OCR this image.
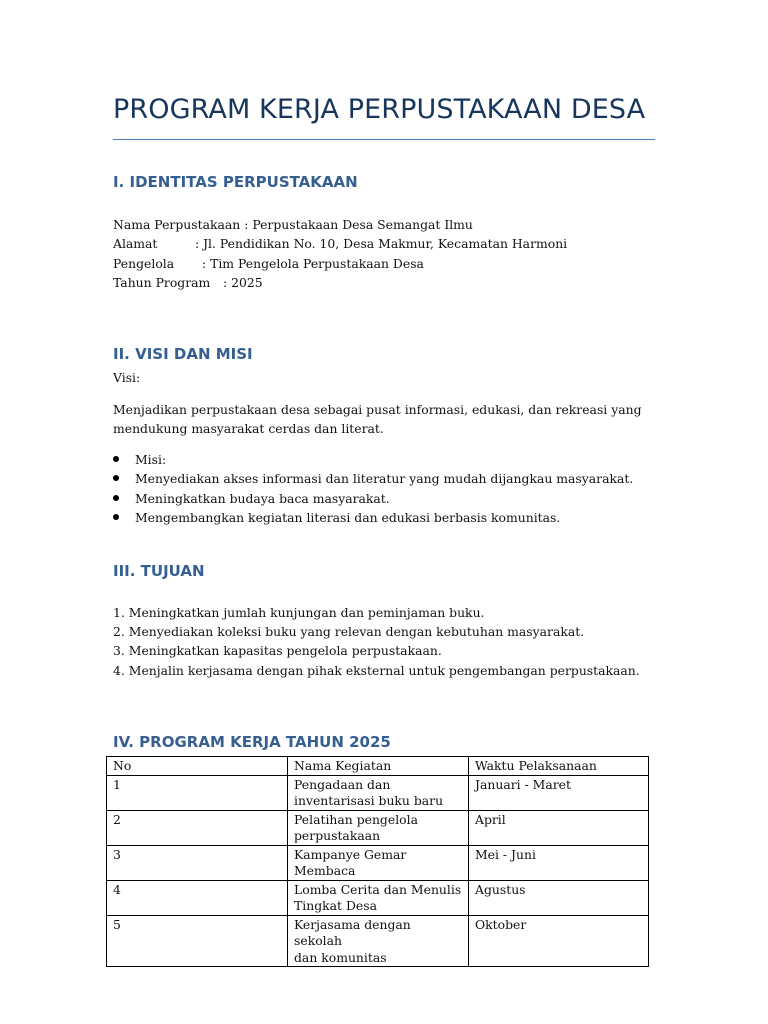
PROGRAM KERJA PERPUSTAKAAN DESA
I. IDENTITAS PERPUSTAKAAN
Nama Perpustakaan : Perpustakaan Desa Semangat Ilmu
Alamat	: Jl. Pendidikan No. 10, Desa Makmur, Kecamatan Harmoni
Pengelola : Tim Pengelola Perpustakaan Desa
Tahun Program : 2025
II. VISI DAN MISI
Visi:
Menjadikan perpustakaan desa sebagai pusat informasi, edukasi, dan rekreasi yang
mendukung masyarakat cerdas dan literat.
Misi:
Menyediakan akses informasi dan literatur yang mudah dijangkau masyarakat.
Meningkatkan budaya baca masyarakat.
Mengembangkan kegiatan literasi dan edukasi berbasis komunitas.
III. TUJUAN
1. Meningkatkan jumlah kunjungan dan peminjaman buku.
2. Menyediakan koleksi buku yang relevan dengan kebutuhan masyarakat.
3. Meningkatkan kapasitas pengelola perpustakaan.
4. Menjalin kerjasama dengan pihak eksternal untuk pengembangan perpustakaan.
IV. PROGRAM KERJA TAHUN 2025
No	Nama Kegiatan	Waktu Pelaksanaan
1	Pengadaan dan
inventarisasi buku baru	Januari - Maret
2	Pelatihan pengelola
perpustakaan	April
3	Kampanye Gemar Membaca	Mei - Juni
4	Lomba Cerita dan Menulis
Tingkat Desa	Agustus
5	Kerjasama dengan sekolah
dan komunitas	Oktober
